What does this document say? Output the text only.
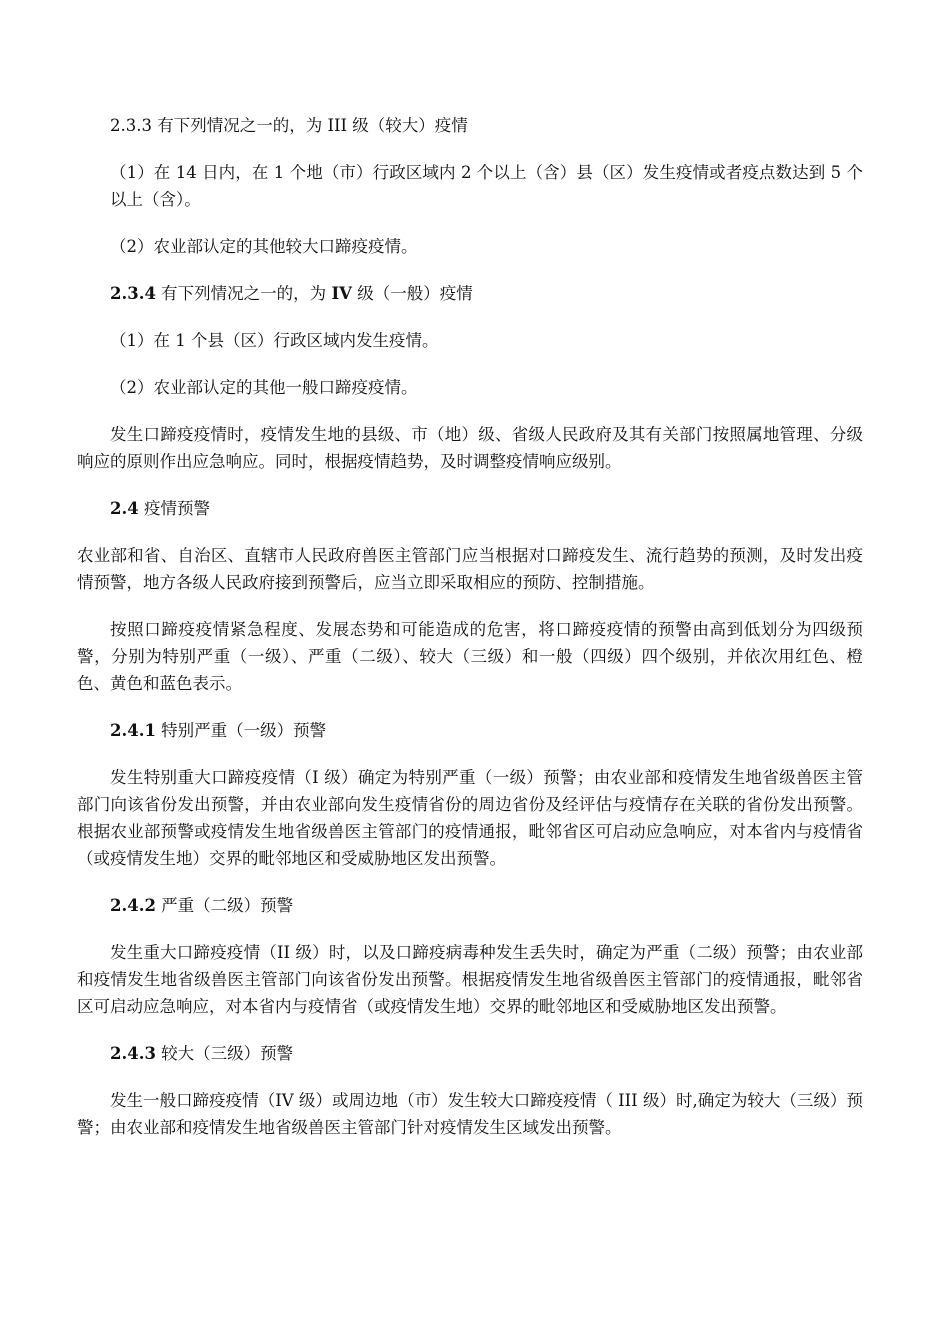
2.3.3 有下列情况之一的，为 III 级（较大）疫情

（1）在 14 日内，在 1 个地（市）行政区域内 2 个以上（含）县（区）发生疫情或者疫点数达到 5 个以上（含）。

（2）农业部认定的其他较大口蹄疫疫情。

2.3.4 有下列情况之一的，为 IV 级（一般）疫情

（1）在 1 个县（区）行政区域内发生疫情。

（2）农业部认定的其他一般口蹄疫疫情。

发生口蹄疫疫情时，疫情发生地的县级、市（地）级、省级人民政府及其有关部门按照属地管理、分级响应的原则作出应急响应。同时，根据疫情趋势，及时调整疫情响应级别。

2.4 疫情预警

农业部和省、自治区、直辖市人民政府兽医主管部门应当根据对口蹄疫发生、流行趋势的预测，及时发出疫情预警，地方各级人民政府接到预警后，应当立即采取相应的预防、控制措施。

按照口蹄疫疫情紧急程度、发展态势和可能造成的危害，将口蹄疫疫情的预警由高到低划分为四级预警，分别为特别严重（一级）、严重（二级）、较大（三级）和一般（四级）四个级别，并依次用红色、橙色、黄色和蓝色表示。

2.4.1 特别严重（一级）预警

发生特别重大口蹄疫疫情（I 级）确定为特别严重（一级）预警；由农业部和疫情发生地省级兽医主管部门向该省份发出预警，并由农业部向发生疫情省份的周边省份及经评估与疫情存在关联的省份发出预警。根据农业部预警或疫情发生地省级兽医主管部门的疫情通报，毗邻省区可启动应急响应，对本省内与疫情省（或疫情发生地）交界的毗邻地区和受威胁地区发出预警。

2.4.2 严重（二级）预警

发生重大口蹄疫疫情（II 级）时，以及口蹄疫病毒种发生丢失时，确定为严重（二级）预警；由农业部和疫情发生地省级兽医主管部门向该省份发出预警。根据疫情发生地省级兽医主管部门的疫情通报，毗邻省区可启动应急响应，对本省内与疫情省（或疫情发生地）交界的毗邻地区和受威胁地区发出预警。

2.4.3 较大（三级）预警

发生一般口蹄疫疫情（IV 级）或周边地（市）发生较大口蹄疫疫情（ III 级）时,确定为较大（三级）预警；由农业部和疫情发生地省级兽医主管部门针对疫情发生区域发出预警。
